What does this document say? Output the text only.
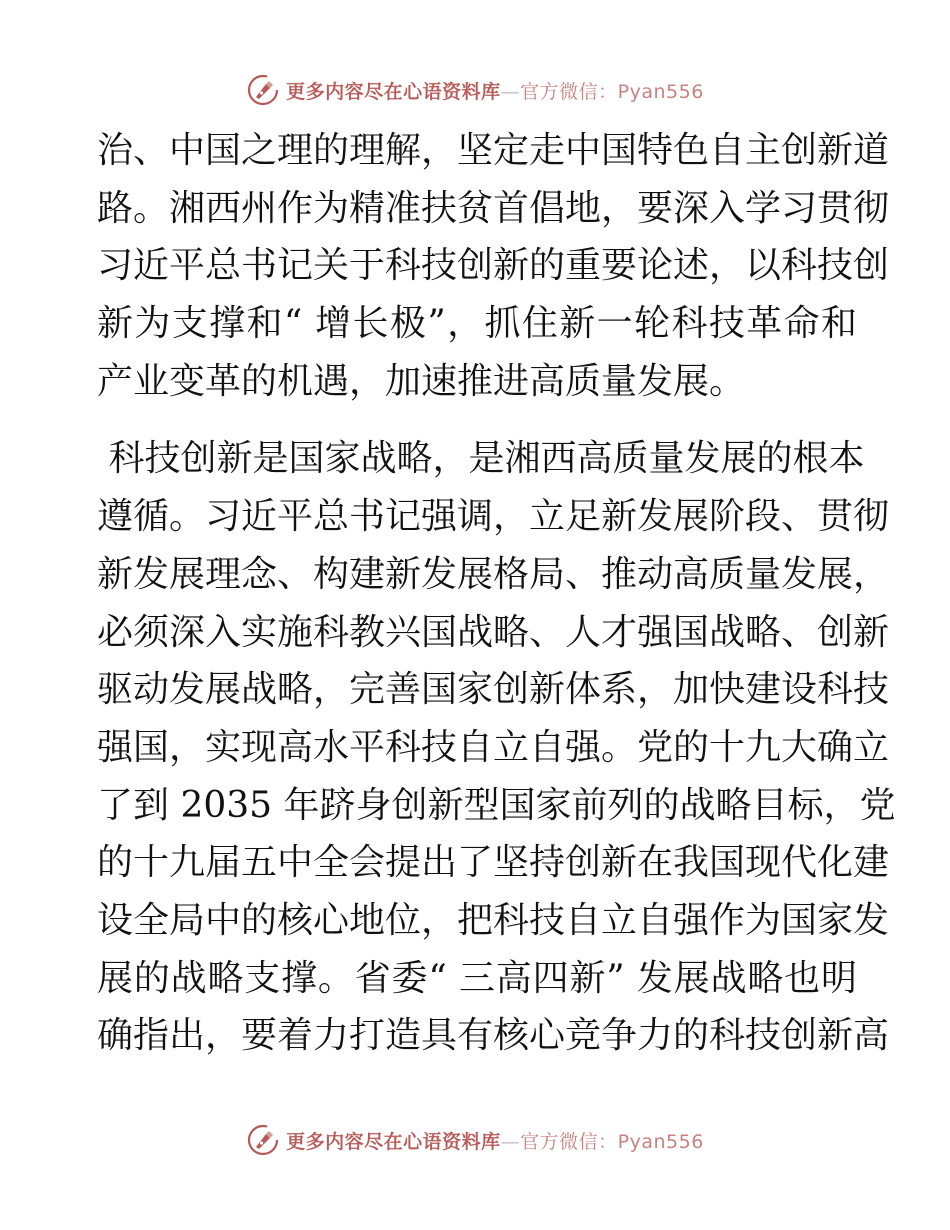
更多内容尽在心语资料库—官方微信：Pyan556
治、中国之理的理解，坚定走中国特色自主创新道
路。湘西州作为精准扶贫首倡地，要深入学习贯彻
习近平总书记关于科技创新的重要论述，以科技创
新为支撑和“ 增长极”，抓住新一轮科技革命和
产业变革的机遇，加速推进高质量发展。
科技创新是国家战略，是湘西高质量发展的根本
遵循。习近平总书记强调，立足新发展阶段、贯彻
新发展理念、构建新发展格局、推动高质量发展，
必须深入实施科教兴国战略、人才强国战略、创新
驱动发展战略，完善国家创新体系，加快建设科技
强国，实现高水平科技自立自强。党的十九大确立
了到 2035 年跻身创新型国家前列的战略目标，党
的十九届五中全会提出了坚持创新在我国现代化建
设全局中的核心地位，把科技自立自强作为国家发
展的战略支撑。省委“ 三高四新” 发展战略也明
确指出，要着力打造具有核心竞争力的科技创新高
更多内容尽在心语资料库—官方微信：Pyan556
